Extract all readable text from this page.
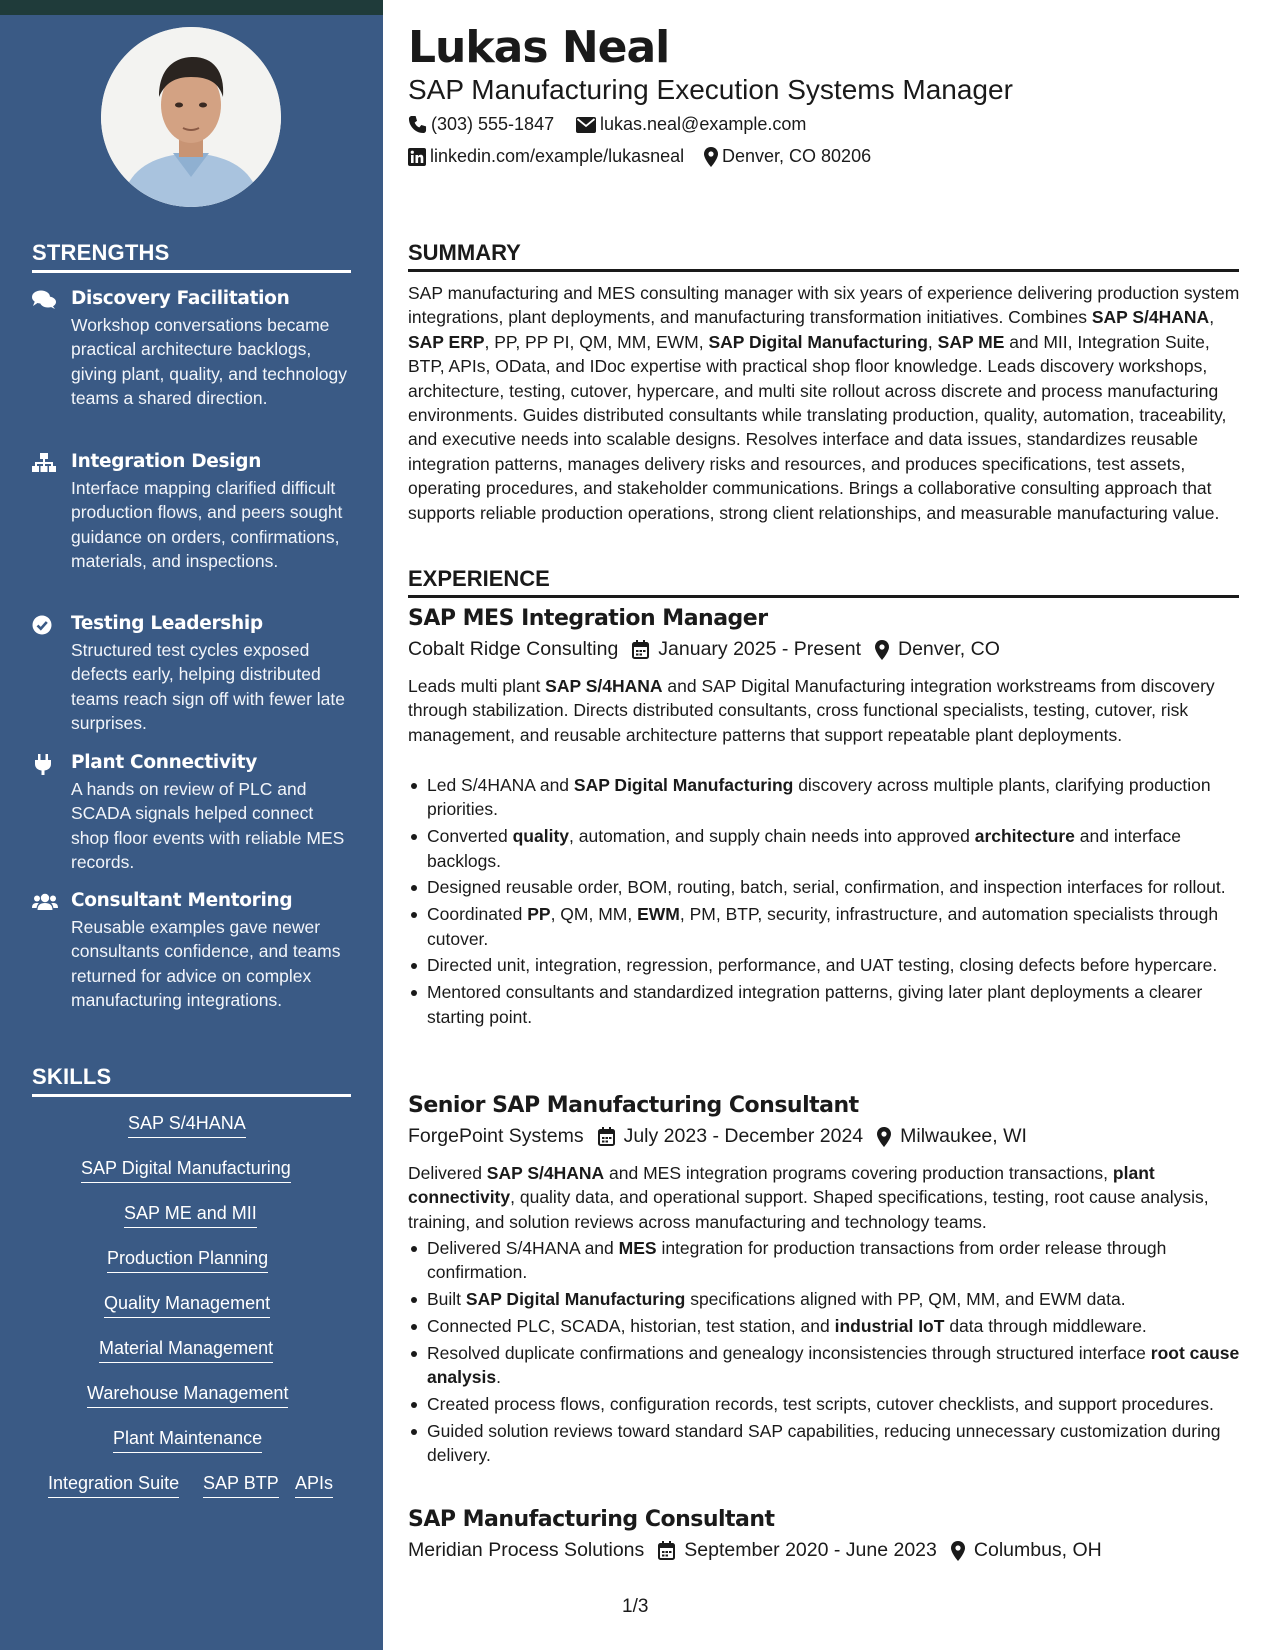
STRENGTHS
Discovery Facilitation
Workshop conversations became practical architecture backlogs, giving plant, quality, and technology teams a shared direction.
Integration Design
Interface mapping clarified difficult production flows, and peers sought guidance on orders, confirmations, materials, and inspections.
Testing Leadership
Structured test cycles exposed defects early, helping distributed teams reach sign off with fewer late surprises.
Plant Connectivity
A hands on review of PLC and SCADA signals helped connect shop floor events with reliable MES records.
Consultant Mentoring
Reusable examples gave newer consultants confidence, and teams returned for advice on complex manufacturing integrations.
SKILLS
SAP S/4HANA
SAP Digital Manufacturing
SAP ME and MII
Production Planning
Quality Management
Material Management
Warehouse Management
Plant Maintenance
Integration Suite SAP BTP APIs
Lukas Neal
SAP Manufacturing Execution Systems Manager
(303) 555-1847	lukas.neal@example.com
linkedin.com/example/lukasneal Denver, CO 80206
SUMMARY
SAP manufacturing and MES consulting manager with six years of experience delivering production system integrations, plant deployments, and manufacturing transformation initiatives. Combines SAP S/4HANA, SAP ERP, PP, PP PI, QM, MM, EWM, SAP Digital Manufacturing, SAP ME and MII, Integration Suite, BTP, APIs, OData, and IDoc expertise with practical shop floor knowledge. Leads discovery workshops, architecture, testing, cutover, hypercare, and multi site rollout across discrete and process manufacturing environments. Guides distributed consultants while translating production, quality, automation, traceability, and executive needs into scalable designs. Resolves interface and data issues, standardizes reusable integration patterns, manages delivery risks and resources, and produces specifications, test assets, operating procedures, and stakeholder communications. Brings a collaborative consulting approach that supports reliable production operations, strong client relationships, and measurable manufacturing value.
EXPERIENCE
SAP MES Integration Manager
Cobalt Ridge Consulting January 2025 - Present Denver, CO
Leads multi plant SAP S/4HANA and SAP Digital Manufacturing integration workstreams from discovery through stabilization. Directs distributed consultants, cross functional specialists, testing, cutover, risk management, and reusable architecture patterns that support repeatable plant deployments.
Led S/4HANA and SAP Digital Manufacturing discovery across multiple plants, clarifying production priorities.
Converted quality, automation, and supply chain needs into approved architecture and interface backlogs.
Designed reusable order, BOM, routing, batch, serial, confirmation, and inspection interfaces for rollout.
Coordinated PP, QM, MM, EWM, PM, BTP, security, infrastructure, and automation specialists through cutover.
Directed unit, integration, regression, performance, and UAT testing, closing defects before hypercare.
Mentored consultants and standardized integration patterns, giving later plant deployments a clearer starting point.
Senior SAP Manufacturing Consultant
ForgePoint Systems July 2023 - December 2024 Milwaukee, WI
Delivered SAP S/4HANA and MES integration programs covering production transactions, plant connectivity, quality data, and operational support. Shaped specifications, testing, root cause analysis, training, and solution reviews across manufacturing and technology teams.
Delivered S/4HANA and MES integration for production transactions from order release through confirmation.
Built SAP Digital Manufacturing specifications aligned with PP, QM, MM, and EWM data.
Connected PLC, SCADA, historian, test station, and industrial IoT data through middleware.
Resolved duplicate confirmations and genealogy inconsistencies through structured interface root cause analysis.
Created process flows, configuration records, test scripts, cutover checklists, and support procedures.
Guided solution reviews toward standard SAP capabilities, reducing unnecessary customization during delivery.
SAP Manufacturing Consultant
Meridian Process Solutions September 2020 - June 2023 Columbus, OH
1/3
